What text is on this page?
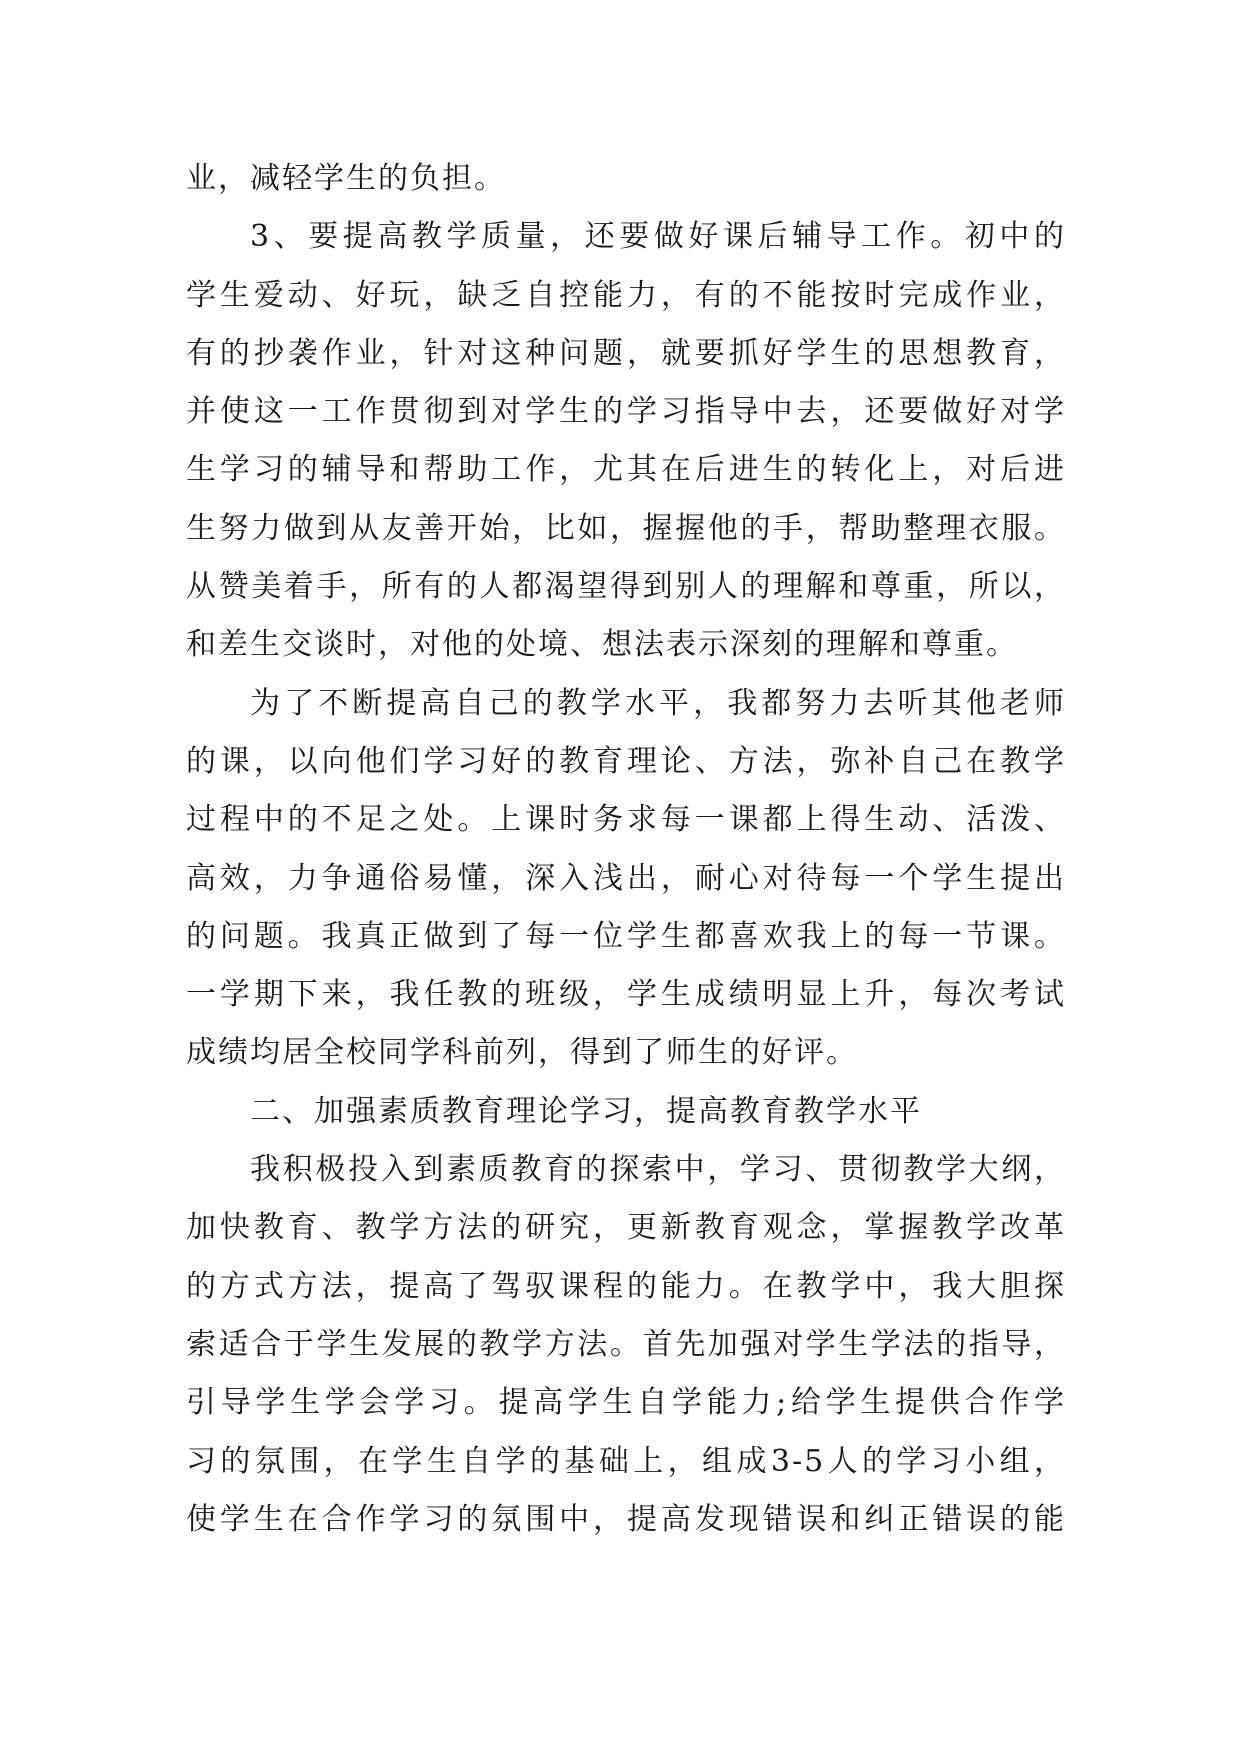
业，减轻学生的负担。
3、要提高教学质量，还要做好课后辅导工作。初中的
学生爱动、好玩，缺乏自控能力，有的不能按时完成作业，
有的抄袭作业，针对这种问题，就要抓好学生的思想教育，
并使这一工作贯彻到对学生的学习指导中去，还要做好对学
生学习的辅导和帮助工作，尤其在后进生的转化上，对后进
生努力做到从友善开始，比如，握握他的手，帮助整理衣服。
从赞美着手，所有的人都渴望得到别人的理解和尊重，所以，
和差生交谈时，对他的处境、想法表示深刻的理解和尊重。
为了不断提高自己的教学水平，我都努力去听其他老师
的课，以向他们学习好的教育理论、方法，弥补自己在教学
过程中的不足之处。上课时务求每一课都上得生动、活泼、
高效，力争通俗易懂，深入浅出，耐心对待每一个学生提出
的问题。我真正做到了每一位学生都喜欢我上的每一节课。
一学期下来，我任教的班级，学生成绩明显上升，每次考试
成绩均居全校同学科前列，得到了师生的好评。
二、加强素质教育理论学习，提高教育教学水平
我积极投入到素质教育的探索中，学习、贯彻教学大纲，
加快教育、教学方法的研究，更新教育观念，掌握教学改革
的方式方法，提高了驾驭课程的能力。在教学中，我大胆探
索适合于学生发展的教学方法。首先加强对学生学法的指导，
引导学生学会学习。提高学生自学能力;给学生提供合作学
习的氛围，在学生自学的基础上，组成3-5人的学习小组，
使学生在合作学习的氛围中，提高发现错误和纠正错误的能
